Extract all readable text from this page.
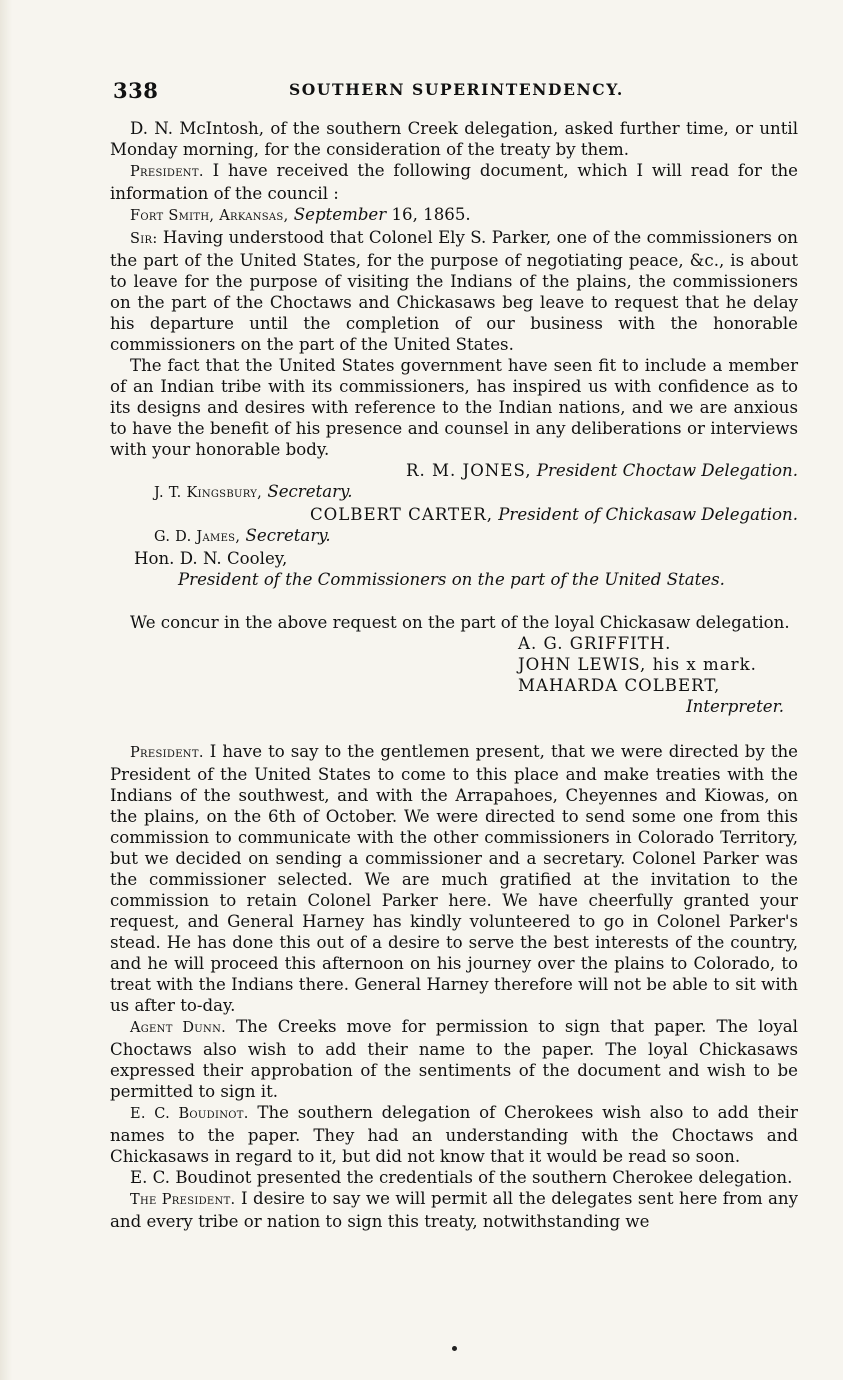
338	SOUTHERN SUPERINTENDENCY.

D. N. McIntosh, of the southern Creek delegation, asked further time, or until Monday morning, for the consideration of the treaty by them.

President. I have received the following document, which I will read for the information of the council :

Fort Smith, Arkansas, September 16, 1865.

Sir: Having understood that Colonel Ely S. Parker, one of the commissioners on the part of the United States, for the purpose of negotiating peace, &c., is about to leave for the purpose of visiting the Indians of the plains, the commissioners on the part of the Choctaws and Chickasaws beg leave to request that he delay his departure until the completion of our business with the honorable commissioners on the part of the United States.

The fact that the United States government have seen fit to include a member of an Indian tribe with its commissioners, has inspired us with confidence as to its designs and desires with reference to the Indian nations, and we are anxious to have the benefit of his presence and counsel in any deliberations or interviews with your honorable body.

R. M. JONES, President Choctaw Delegation.
J. T. Kingsbury, Secretary.
COLBERT CARTER, President of Chickasaw Delegation.
G. D. James, Secretary.
Hon. D. N. Cooley,
President of the Commissioners on the part of the United States.

We concur in the above request on the part of the loyal Chickasaw delegation.

A. G. GRIFFITH.
JOHN LEWIS, his x mark.
MAHARDA COLBERT,
Interpreter.

President. I have to say to the gentlemen present, that we were directed by the President of the United States to come to this place and make treaties with the Indians of the southwest, and with the Arrapahoes, Cheyennes and Kiowas, on the plains, on the 6th of October. We were directed to send some one from this commission to communicate with the other commissioners in Colorado Territory, but we decided on sending a commissioner and a secretary. Colonel Parker was the commissioner selected. We are much gratified at the invitation to the commission to retain Colonel Parker here. We have cheerfully granted your request, and General Harney has kindly volunteered to go in Colonel Parker's stead. He has done this out of a desire to serve the best interests of the country, and he will proceed this afternoon on his journey over the plains to Colorado, to treat with the Indians there. General Harney therefore will not be able to sit with us after to-day.

Agent Dunn. The Creeks move for permission to sign that paper. The loyal Choctaws also wish to add their name to the paper. The loyal Chickasaws expressed their approbation of the sentiments of the document and wish to be permitted to sign it.

E. C. Boudinot. The southern delegation of Cherokees wish also to add their names to the paper. They had an understanding with the Choctaws and Chickasaws in regard to it, but did not know that it would be read so soon.

E. C. Boudinot presented the credentials of the southern Cherokee delegation.

The President. I desire to say we will permit all the delegates sent here from any and every tribe or nation to sign this treaty, notwithstanding we
